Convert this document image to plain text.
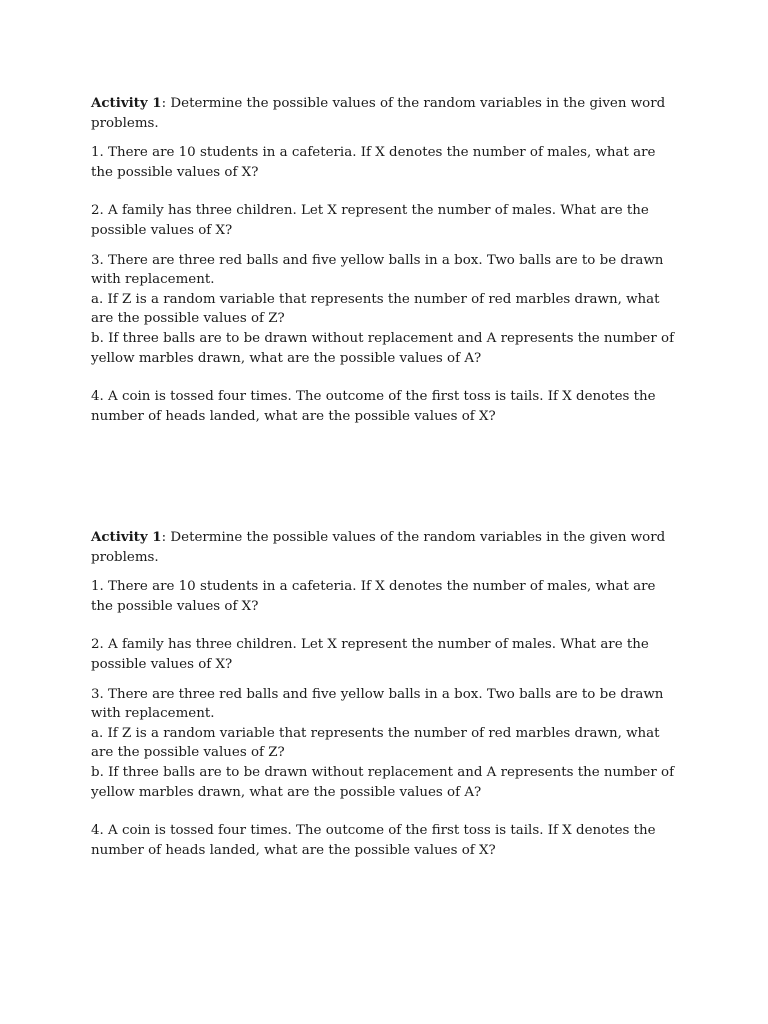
Activity 1: Determine the possible values of the random variables in the given word problems.

1. There are 10 students in a cafeteria. If X denotes the number of males, what are the possible values of X?

2. A family has three children. Let X represent the number of males. What are the possible values of X?

3. There are three red balls and five yellow balls in a box. Two balls are to be drawn with replacement.

a. If Z is a random variable that represents the number of red marbles drawn, what are the possible values of Z?

b. If three balls are to be drawn without replacement and A represents the number of yellow marbles drawn, what are the possible values of A?

4. A coin is tossed four times. The outcome of the first toss is tails. If X denotes the number of heads landed, what are the possible values of X?

Activity 1: Determine the possible values of the random variables in the given word problems.

1. There are 10 students in a cafeteria. If X denotes the number of males, what are the possible values of X?

2. A family has three children. Let X represent the number of males. What are the possible values of X?

3. There are three red balls and five yellow balls in a box. Two balls are to be drawn with replacement.

a. If Z is a random variable that represents the number of red marbles drawn, what are the possible values of Z?

b. If three balls are to be drawn without replacement and A represents the number of yellow marbles drawn, what are the possible values of A?

4. A coin is tossed four times. The outcome of the first toss is tails. If X denotes the number of heads landed, what are the possible values of X?
